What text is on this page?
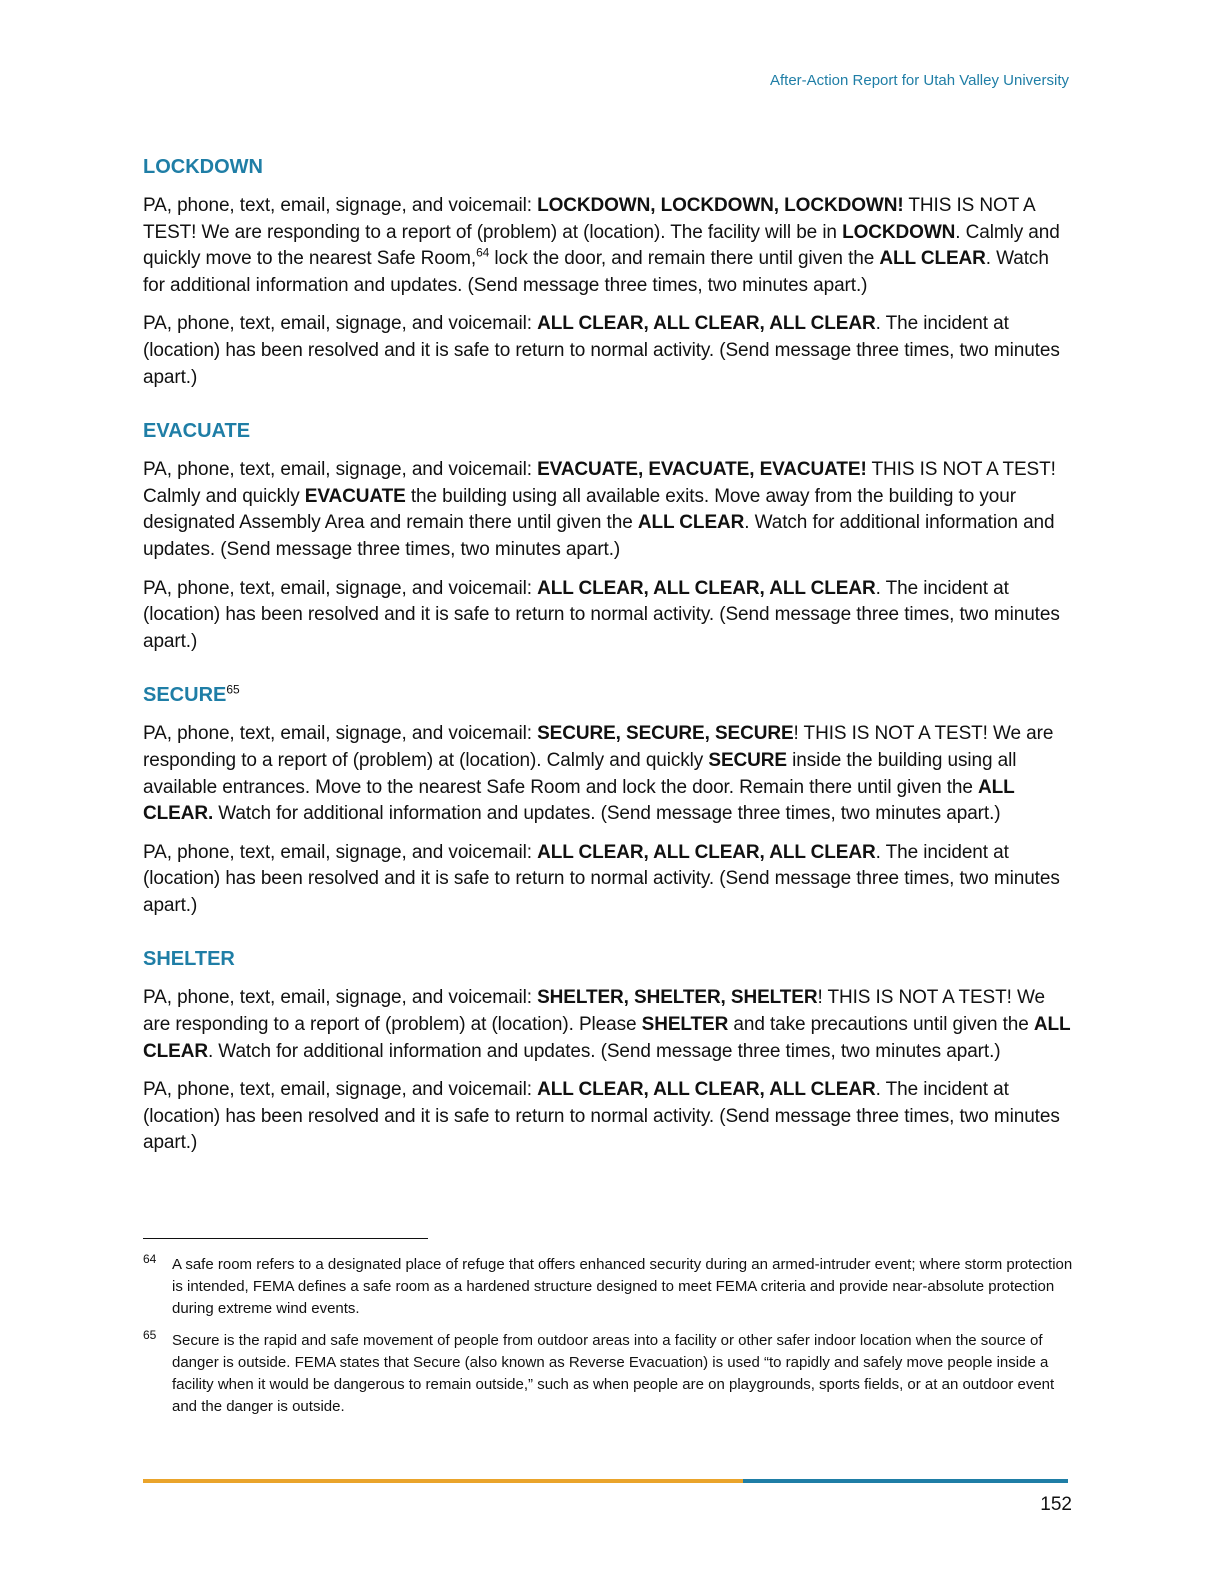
After-Action Report for Utah Valley University
LOCKDOWN

PA, phone, text, email, signage, and voicemail: LOCKDOWN, LOCKDOWN, LOCKDOWN! THIS IS NOT A TEST! We are responding to a report of (problem) at (location). The facility will be in LOCKDOWN. Calmly and quickly move to the nearest Safe Room,$^{64}$ lock the door, and remain there until given the ALL CLEAR. Watch for additional information and updates. (Send message three times, two minutes apart.)

PA, phone, text, email, signage, and voicemail: ALL CLEAR, ALL CLEAR, ALL CLEAR. The incident at (location) has been resolved and it is safe to return to normal activity. (Send message three times, two minutes apart.)

EVACUATE

PA, phone, text, email, signage, and voicemail: EVACUATE, EVACUATE, EVACUATE! THIS IS NOT A TEST! Calmly and quickly EVACUATE the building using all available exits. Move away from the building to your designated Assembly Area and remain there until given the ALL CLEAR. Watch for additional information and updates. (Send message three times, two minutes apart.)

PA, phone, text, email, signage, and voicemail: ALL CLEAR, ALL CLEAR, ALL CLEAR. The incident at (location) has been resolved and it is safe to return to normal activity. (Send message three times, two minutes apart.)

SECURE$^{65}$

PA, phone, text, email, signage, and voicemail: SECURE, SECURE, SECURE! THIS IS NOT A TEST! We are responding to a report of (problem) at (location). Calmly and quickly SECURE inside the building using all available entrances. Move to the nearest Safe Room and lock the door. Remain there until given the ALL CLEAR. Watch for additional information and updates. (Send message three times, two minutes apart.)

PA, phone, text, email, signage, and voicemail: ALL CLEAR, ALL CLEAR, ALL CLEAR. The incident at (location) has been resolved and it is safe to return to normal activity. (Send message three times, two minutes apart.)

SHELTER

PA, phone, text, email, signage, and voicemail: SHELTER, SHELTER, SHELTER! THIS IS NOT A TEST! We are responding to a report of (problem) at (location). Please SHELTER and take precautions until given the ALL CLEAR. Watch for additional information and updates. (Send message three times, two minutes apart.)

PA, phone, text, email, signage, and voicemail: ALL CLEAR, ALL CLEAR, ALL CLEAR. The incident at (location) has been resolved and it is safe to return to normal activity. (Send message three times, two minutes apart.)

64 A safe room refers to a designated place of refuge that offers enhanced security during an armed-intruder event; where storm protection is intended, FEMA defines a safe room as a hardened structure designed to meet FEMA criteria and provide near-absolute protection during extreme wind events.
65 Secure is the rapid and safe movement of people from outdoor areas into a facility or other safer indoor location when the source of danger is outside. FEMA states that Secure (also known as Reverse Evacuation) is used “to rapidly and safely move people inside a facility when it would be dangerous to remain outside,” such as when people are on playgrounds, sports fields, or at an outdoor event and the danger is outside.
152
